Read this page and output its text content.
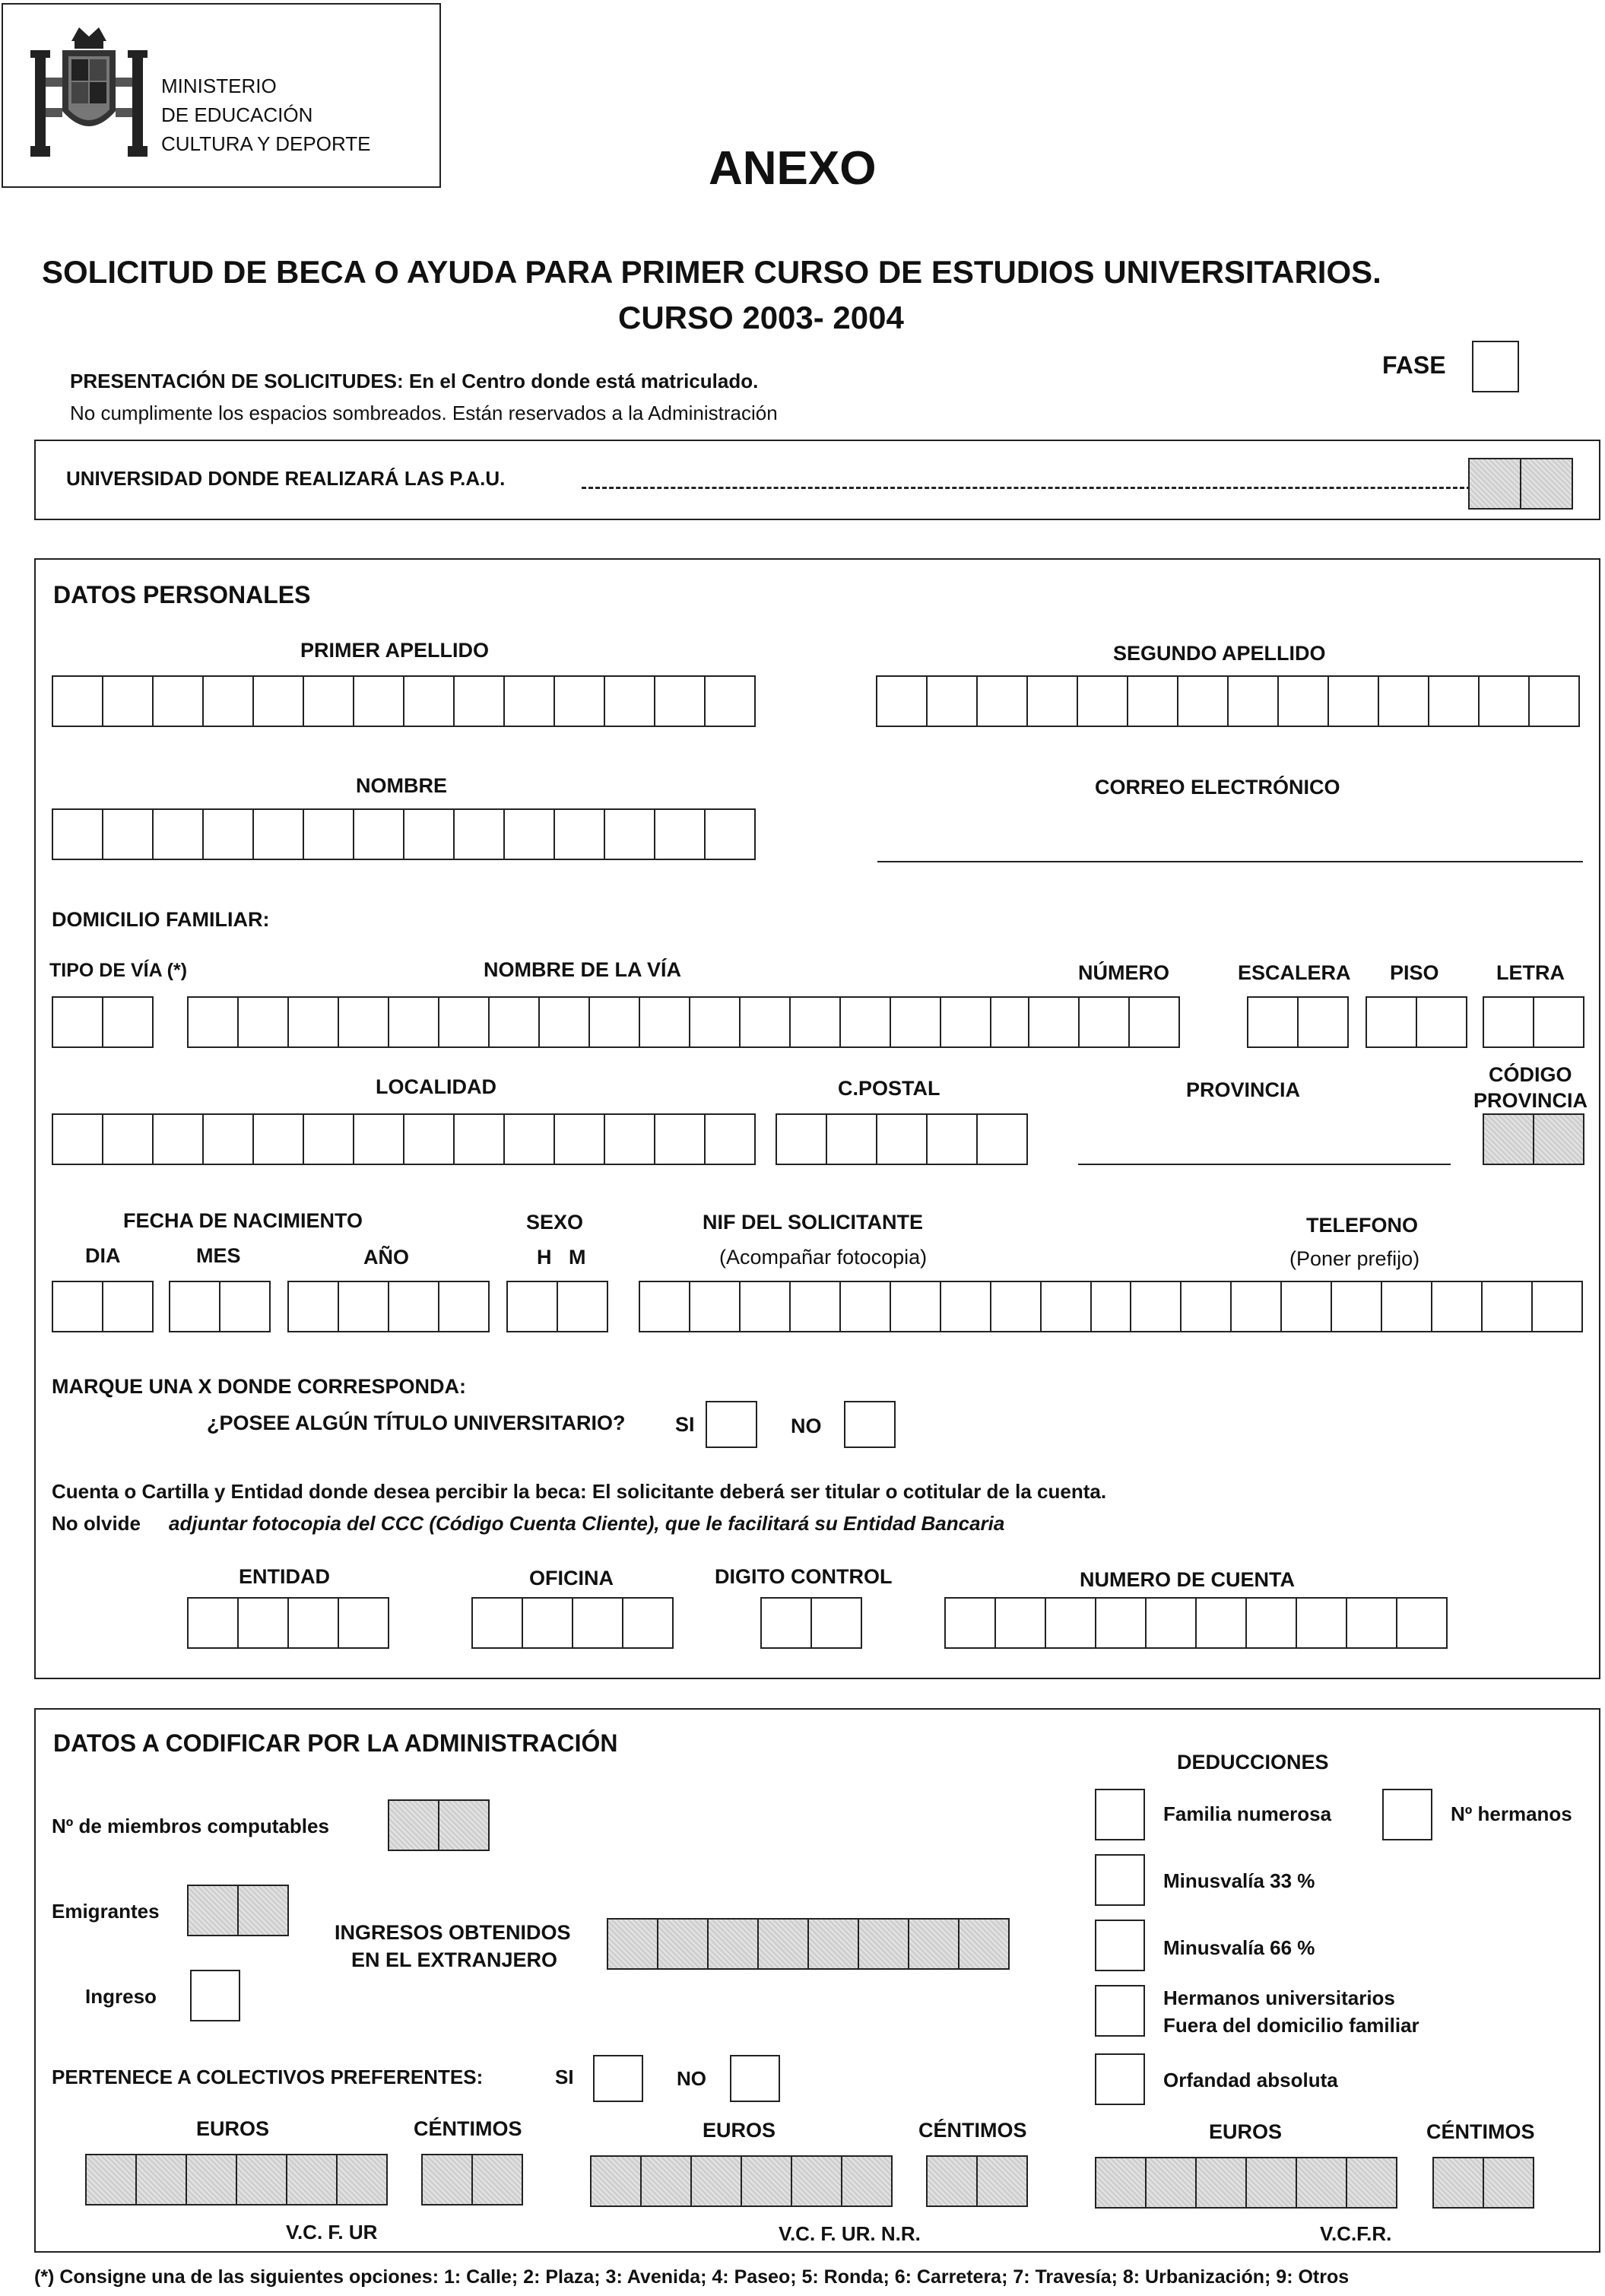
MINISTERIO
DE EDUCACIÓN
CULTURA Y DEPORTE	ANEXO
SOLICITUD DE BECA O AYUDA PARA PRIMER CURSO DE ESTUDIOS UNIVERSITARIOS.
CURSO 2003- 2004
PRESENTACIÓN DE SOLICITUDES: En el Centro donde está matriculado.
No cumplimente los espacios sombreados. Están reservados a la Administración
FASE
UNIVERSIDAD DONDE REALIZARÁ LAS P.A.U.
DATOS PERSONALES
PRIMER APELLIDO	SEGUNDO APELLIDO
NOMBRE	CORREO ELECTRÓNICO
DOMICILIO FAMILIAR:
TIPO DE VÍA (*)	NOMBRE DE LA VÍA	NÚMERO	ESCALERA PISO	LETRA
LOCALIDAD	C.POSTAL	PROVINCIA
CÓDIGO
PROVINCIA
FECHA DE NACIMIENTO
DIA	MES	AÑO
SEXO
H M
NIF DEL SOLICITANTE
(Acompañar fotocopia)
TELEFONO
(Poner prefijo)
MARQUE UNA X DONDE CORRESPONDA:
¿POSEE ALGÚN TÍTULO UNIVERSITARIO? SI	NO
Cuenta o Cartilla y Entidad donde desea percibir la beca: El solicitante deberá ser titular o cotitular de la cuenta.
No olvide adjuntar fotocopia del CCC (Código Cuenta Cliente), que le facilitará su Entidad Bancaria
ENTIDAD	OFICINA	DIGITO CONTROL	NUMERO DE CUENTA
DATOS A CODIFICAR POR LA ADMINISTRACIÓN
DEDUCCIONES
Nº de miembros computables
Familia numerosa	Nº hermanos
Minusvalía 33 %
Emigrantes
INGRESOS OBTENIDOS
EN EL EXTRANJERO
Minusvalía 66 %
Ingreso	Hermanos universitarios
Fuera del domicilio familiar
PERTENECE A COLECTIVOS PREFERENTES:	SI	NO	Orfandad absoluta
EUROS	CÉNTIMOS	EUROS	CÉNTIMOS	EUROS	CÉNTIMOS
V.C. F. UR	V.C. F. UR. N.R.	V.C.F.R.
(*) Consigne una de las siguientes opciones: 1: Calle; 2: Plaza; 3: Avenida; 4: Paseo; 5: Ronda; 6: Carretera; 7: Travesía; 8: Urbanización; 9: Otros
